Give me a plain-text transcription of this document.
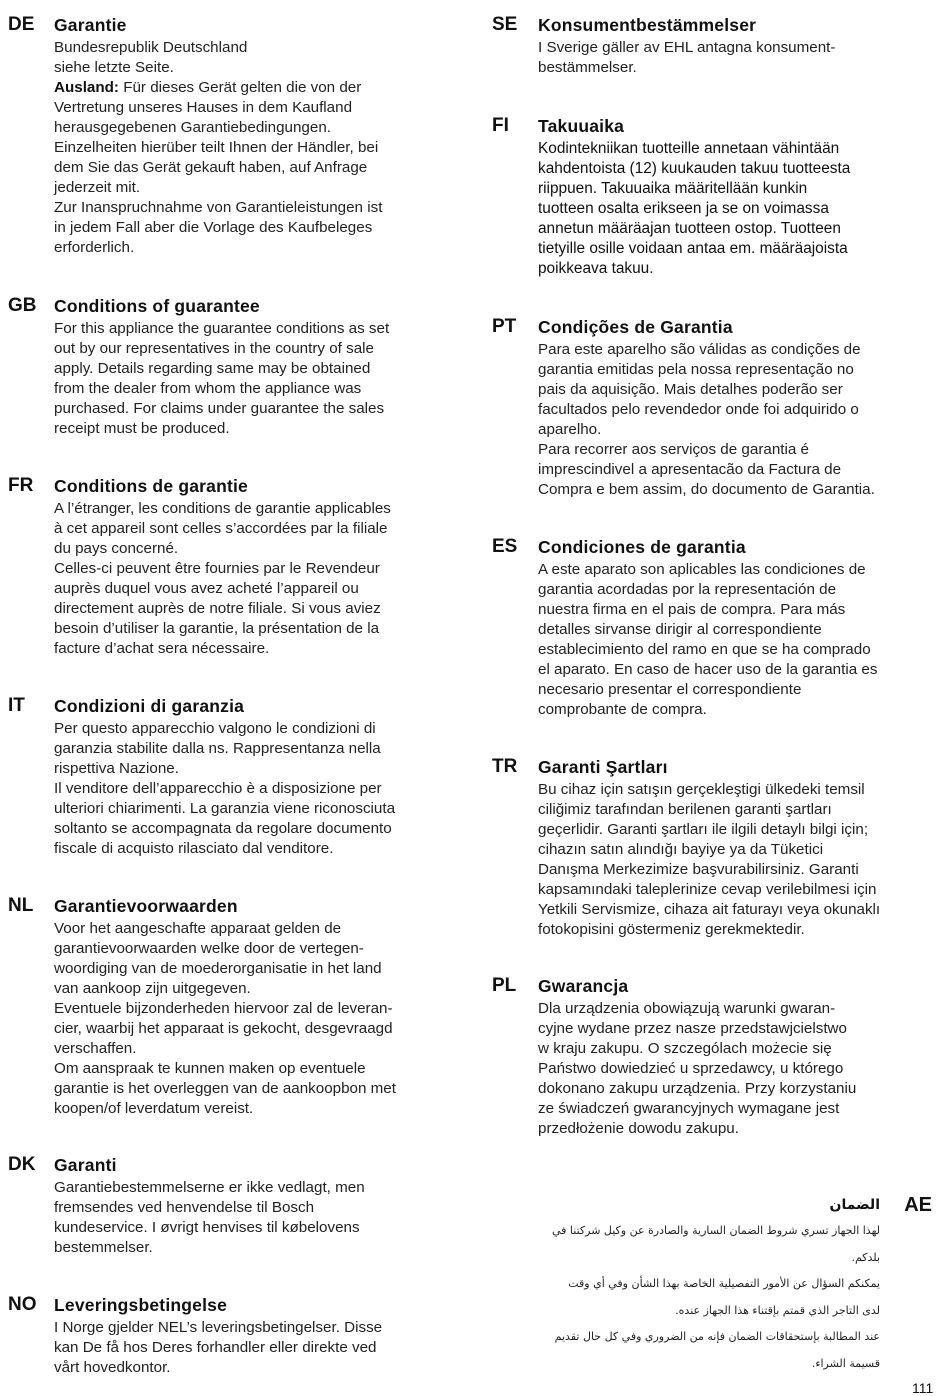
DE Garantie
Bundesrepublik Deutschland
siehe letzte Seite.
Ausland: Für dieses Gerät gelten die von der
Vertretung unseres Hauses in dem Kaufland
herausgegebenen Garantiebedingungen.
Einzelheiten hierüber teilt Ihnen der Händler, bei
dem Sie das Gerät gekauft haben, auf Anfrage
jederzeit mit.
Zur Inanspruchnahme von Garantieleistungen ist
in jedem Fall aber die Vorlage des Kaufbeleges
erforderlich.
GB Conditions of guarantee
For this appliance the guarantee conditions as set
out by our representatives in the country of sale
apply. Details regarding same may be obtained
from the dealer from whom the appliance was
purchased. For claims under guarantee the sales
receipt must be produced.
FR Conditions de garantie
A l’étranger, les conditions de garantie applicables
à cet appareil sont celles s’accordées par la filiale
du pays concerné.
Celles-ci peuvent être fournies par le Revendeur
auprès duquel vous avez acheté l’appareil ou
directement auprès de notre filiale. Si vous aviez
besoin d’utiliser la garantie, la présentation de la
facture d’achat sera nécessaire.
IT Condizioni di garanzia
Per questo apparecchio valgono le condizioni di
garanzia stabilite dalla ns. Rappresentanza nella
rispettiva Nazione.
Il venditore dell’apparecchio è a disposizione per
ulteriori chiarimenti. La garanzia viene riconosciuta
soltanto se accompagnata da regolare documento
fiscale di acquisto rilasciato dal venditore.
NL Garantievoorwaarden
Voor het aangeschafte apparaat gelden de
garantievoorwaarden welke door de vertegen-
woordiging van de moederorganisatie in het land
van aankoop zijn uitgegeven.
Eventuele bijzonderheden hiervoor zal de leveran-
cier, waarbij het apparaat is gekocht, desgevraagd
verschaffen.
Om aanspraak te kunnen maken op eventuele
garantie is het overleggen van de aankoopbon met
koopen/of leverdatum vereist.
DK Garanti
Garantiebestemmelserne er ikke vedlagt, men
fremsendes ved henvendelse til Bosch
kundeservice. I øvrigt henvises til købelovens
bestemmelser.
NO Leveringsbetingelse
I Norge gjelder NEL’s leveringsbetingelser. Disse
kan De få hos Deres forhandler eller direkte ved
vårt hovedkontor.
SE Konsumentbestämmelser
I Sverige gäller av EHL antagna konsument-
bestämmelser.
FI Takuuaika
Kodintekniikan tuotteille annetaan vähintään
kahdentoista (12) kuukauden takuu tuotteesta
riippuen. Takuuaika määritellään kunkin
tuotteen osalta erikseen ja se on voimassa
annetun määräajan tuotteen ostop. Tuotteen
tietyille osille voidaan antaa em. määräajoista
poikkeava takuu.
PT Condições de Garantia
Para este aparelho são válidas as condições de
garantia emitidas pela nossa representação no
pais da aquisição. Mais detalhes poderão ser
facultados pelo revendedor onde foi adquirido o
aparelho.
Para recorrer aos serviços de garantia é
imprescindivel a apresentacão da Factura de
Compra e bem assim, do documento de Garantia.
ES Condiciones de garantia
A este aparato son aplicables las condiciones de
garantia acordadas por la representación de
nuestra firma en el pais de compra. Para más
detalles sirvanse dirigir al correspondiente
establecimiento del ramo en que se ha comprado
el aparato. En caso de hacer uso de la garantia es
necesario presentar el correspondiente
comprobante de compra.
TR Garanti Şartları
Bu cihaz için satışın gerçekleştigi ülkedeki temsil
ciliğimiz tarafından berilenen garanti şartları
geçerlidir. Garanti şartları ile ilgili detaylı bilgi için;
cihazın satın alındığı bayiye ya da Tüketici
Danışma Merkezimize başvurabilirsiniz. Garanti
kapsamındaki taleplerinize cevap verilebilmesi için
Yetkili Servismize, cihaza ait faturayı veya okunaklı
fotokopisini göstermeniz gerekmektedir.
PL Gwarancja
Dla urządzenia obowiązują warunki gwaran-
cyjne wydane przez nasze przedstawjcielstwo
w kraju zakupu. O szczególach możecie się
Państwo dowiedzieć u sprzedawcy, u którego
dokonano zakupu urządzenia. Przy korzystaniu
ze świadczeń gwarancyjnych wymagane jest
przedłożenie dowodu zakupu.
AE
الضمان
لهذا الجهاز تسري شروط الضمان السارية والصادرة عن وكيل شركتنا في
بلدكم.
يمكنكم السؤال عن الأمور التفصيلية الخاصة بهذا الشأن وفي أي وقت
لدى التاجر الذي قمتم بإقتناء هذا الجهاز عنده.
عند المطالبة بإستحقاقات الضمان فإنه من الضروري وفي كل حال تقديم
قسيمة الشراء.
111
